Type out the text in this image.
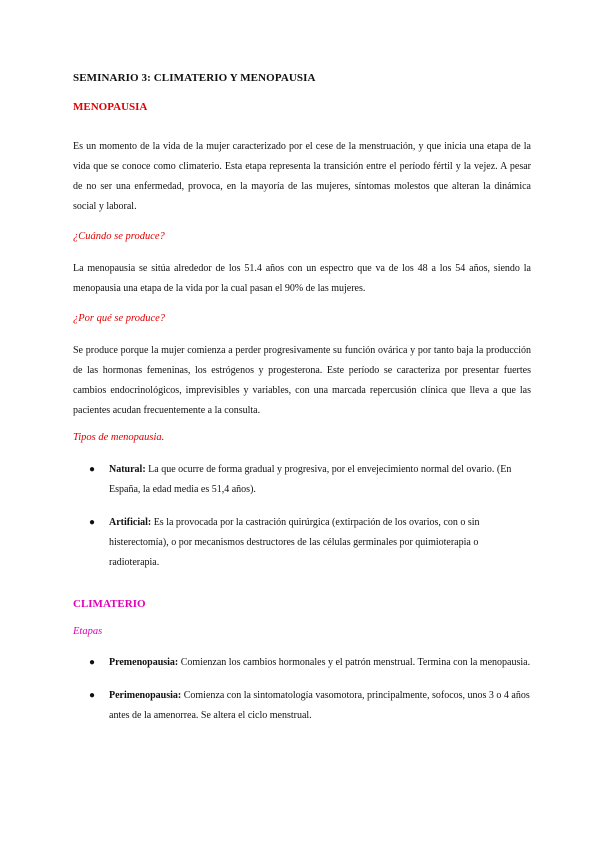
SEMINARIO 3: CLIMATERIO Y MENOPAUSIA
MENOPAUSIA
Es un momento de la vida de la mujer caracterizado por el cese de la menstruación, y que inicia una etapa de la vida que se conoce como climaterio. Esta etapa representa la transición entre el período fértil y la vejez. A pesar de no ser una enfermedad, provoca, en la mayoría de las mujeres, síntomas molestos que alteran la dinámica social y laboral.
¿Cuándo se produce?
La menopausia se sitúa alrededor de los 51.4 años con un espectro que va de los 48 a los 54 años, siendo la menopausia una etapa de la vida por la cual pasan el 90% de las mujeres.
¿Por qué se produce?
Se produce porque la mujer comienza a perder progresivamente su función ovárica y por tanto baja la producción de las hormonas femeninas, los estrógenos y progesterona. Este período se caracteriza por presentar fuertes cambios endocrinológicos, imprevisibles y variables, con una marcada repercusión clínica que lleva a que las pacientes acudan frecuentemente a la consulta.
Tipos de menopausia.
● Natural: La que ocurre de forma gradual y progresiva, por el envejecimiento normal del ovario. (En España, la edad media es 51,4 años).
● Artificial: Es la provocada por la castración quirúrgica (extirpación de los ovarios, con o sin histerectomía), o por mecanismos destructores de las células germinales por quimioterapia o radioterapia.
CLIMATERIO
Etapas
● Premenopausia: Comienzan los cambios hormonales y el patrón menstrual. Termina con la menopausia.
● Perimenopausia: Comienza con la sintomatología vasomotora, principalmente, sofocos, unos 3 o 4 años antes de la amenorrea. Se altera el ciclo menstrual.
